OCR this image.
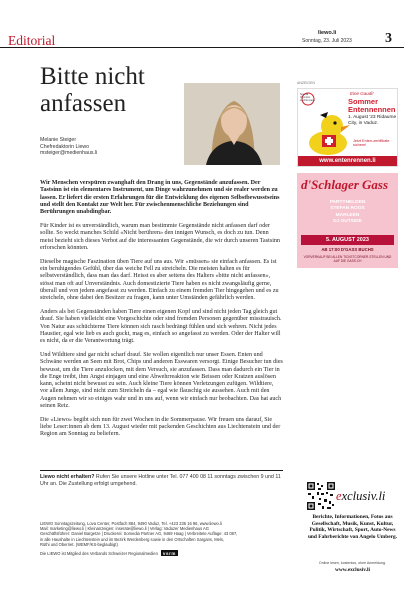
Editorial	liewo.li
Sonntag, 23. Juli 2023 3
Bitte nicht anfassen
Melanie Steiger
Chefredaktorin Liewo
msteiger@medienhaus.li
ANZEIGEN
Special Olympics Liechtenstein
Eine Gaudi!
Sommer
Entennennen
1. August '23 Ridaume City, in Vaduz.
Jetzt Enten-zertifikate sichern!
www.entenrennen.li
d'Schlager Gass
PARTYHELDEN
STEFAN ROOS
MARLEEN
DJ OUTSIDE
5. AUGUST 2023
AB 17:00 D'GASS BUCHS
VORVERKAUF BEI ALLEN TICKETCORNER-STELLEN UND AUF DIE GASS.CH

Wir Menschen verspüren zwanghaft den Drang in uns, Gegenstände anzufassen. Der Tastsinn ist ein elementares Instrument, um Dinge wahrzunehmen und sie realer werden zu lassen. Er liefert die ersten Erfahrungen für die Entwicklung des eigenen Selbstbewusstseins und stellt den Kontakt zur Welt her. Für zwischenmenschliche Beziehungen sind Berührungen unabdingbar.

Für Kinder ist es unverständlich, warum man bestimmte Gegenstände nicht anfassen darf oder sollte. So weckt manches Schild «Nicht berühren» den innigen Wunsch, es doch zu tun. Denn meist bezieht sich dieses Verbot auf die interessanten Gegenstände, die wir durch unseren Tastsinn erforschen könnten.

Dieselbe magische Faszination üben Tiere auf uns aus. Wir «müssen» sie einfach anfassen. Es ist ein beruhigendes Gefühl, über das weiche Fell zu streicheln. Die meisten halten es für selbstverständlich, dass man das darf. Heisst es aber seitens des Halters «bitte nicht anfassen», stösst man oft auf Unverständnis. Auch domestizierte Tiere haben es nicht zwangsläufig gerne, überall und von jedem angefasst zu werden. Einfach zu einem fremden Tier hingegehen und es zu streicheln, ohne dabei den Besitzer zu fragen, kann unter Umständen gefährlich werden.

Anders als bei Gegenständen haben Tiere einen eigenen Kopf und sind nicht jeden Tag gleich gut drauf. Sie haben vielleicht eine Vorgeschichte oder sind fremden Personen gegenüber misstrauisch. Von Natur aus schüchterne Tiere können sich rasch bedrängt fühlen und sich wehren. Nicht jedes Haustier, egal wie lieb es auch guckt, mag es, einfach so angefasst zu werden. Oder der Halter will es nicht, da er die Verantwortung trägt.

Und Wildtiere sind gar nicht scharf drauf. Sie wollen eigentlich nur unser Essen. Enten und Schwäne werden an Seen mit Brot, Chips und anderen Esswaren versorgt. Einige Besucher tun dies bewusst, um die Tiere anzulocken, mit dem Versuch, sie anzufassen. Dass man dadurch ein Tier in die Enge treibt, ihm Angst einjagen und eine Abwehrreaktion wie Beissen oder Kratzen auslösen kann, scheint nicht bewusst zu sein. Auch kleine Tiere können Verletzungen zufügen. Wildtiere, vor allem Junge, sind nicht zum Streicheln da – egal wie flauschig sie aussehen. Auch mit den Augen nehmen wir so einiges wahr und in uns auf, wenn wir einfach nur beobachten. Das hat auch seinen Reiz.

Die «Liewo» begibt sich nun für zwei Wochen in die Sommerpause. Wir freuen uns darauf, Sie liebe Leser:innen ab dem 13. August wieder mit packenden Geschichten aus Liechtenstein und der Region am Sonntag zu beliefern.

Liewo nicht erhalten? Rufen Sie unsere Hotline unter Tel. 077 400 08 11 sonntags zwischen 9 und 11 Uhr an. Die Zustellung erfolgt umgehend.
LIEWO Sonntagszeitung, Lova Center, Postfach 884, 9490 Vaduz, Tel. +423 236 16 96, www.liewo.li
Mail: marketing@liewo.li | Kleinanzeigen: inserate@liewo.li | Verlag: Vaduzer Medienhaus AG
Geschäftsführer: Daniel Bargetze | Druckerei: Somedia Partner AG, 9469 Haag | Verbreitete Auflage: 43 087,
in alle Haushalte in Liechtenstein und im Bezirk Werdenberg sowie in den Ortschaften Sargans, Mels,
Rüthi und Oberriet. (WEMF/KS-beglaubigt)
Die LIEWO ist Mitglied des Verbands Schweizer Regionalmedien	vsrm
exclusiv.li
Berichte, Informationen, Fotos aus Gesellschaft, Musik, Kunst, Kultur, Politik, Wirtschaft, Sport, Auto-News und Fahrberichte von Angelo Umberg.
Online lesen, kostenlos, ohne Anmeldung.
www.exclusiv.li
